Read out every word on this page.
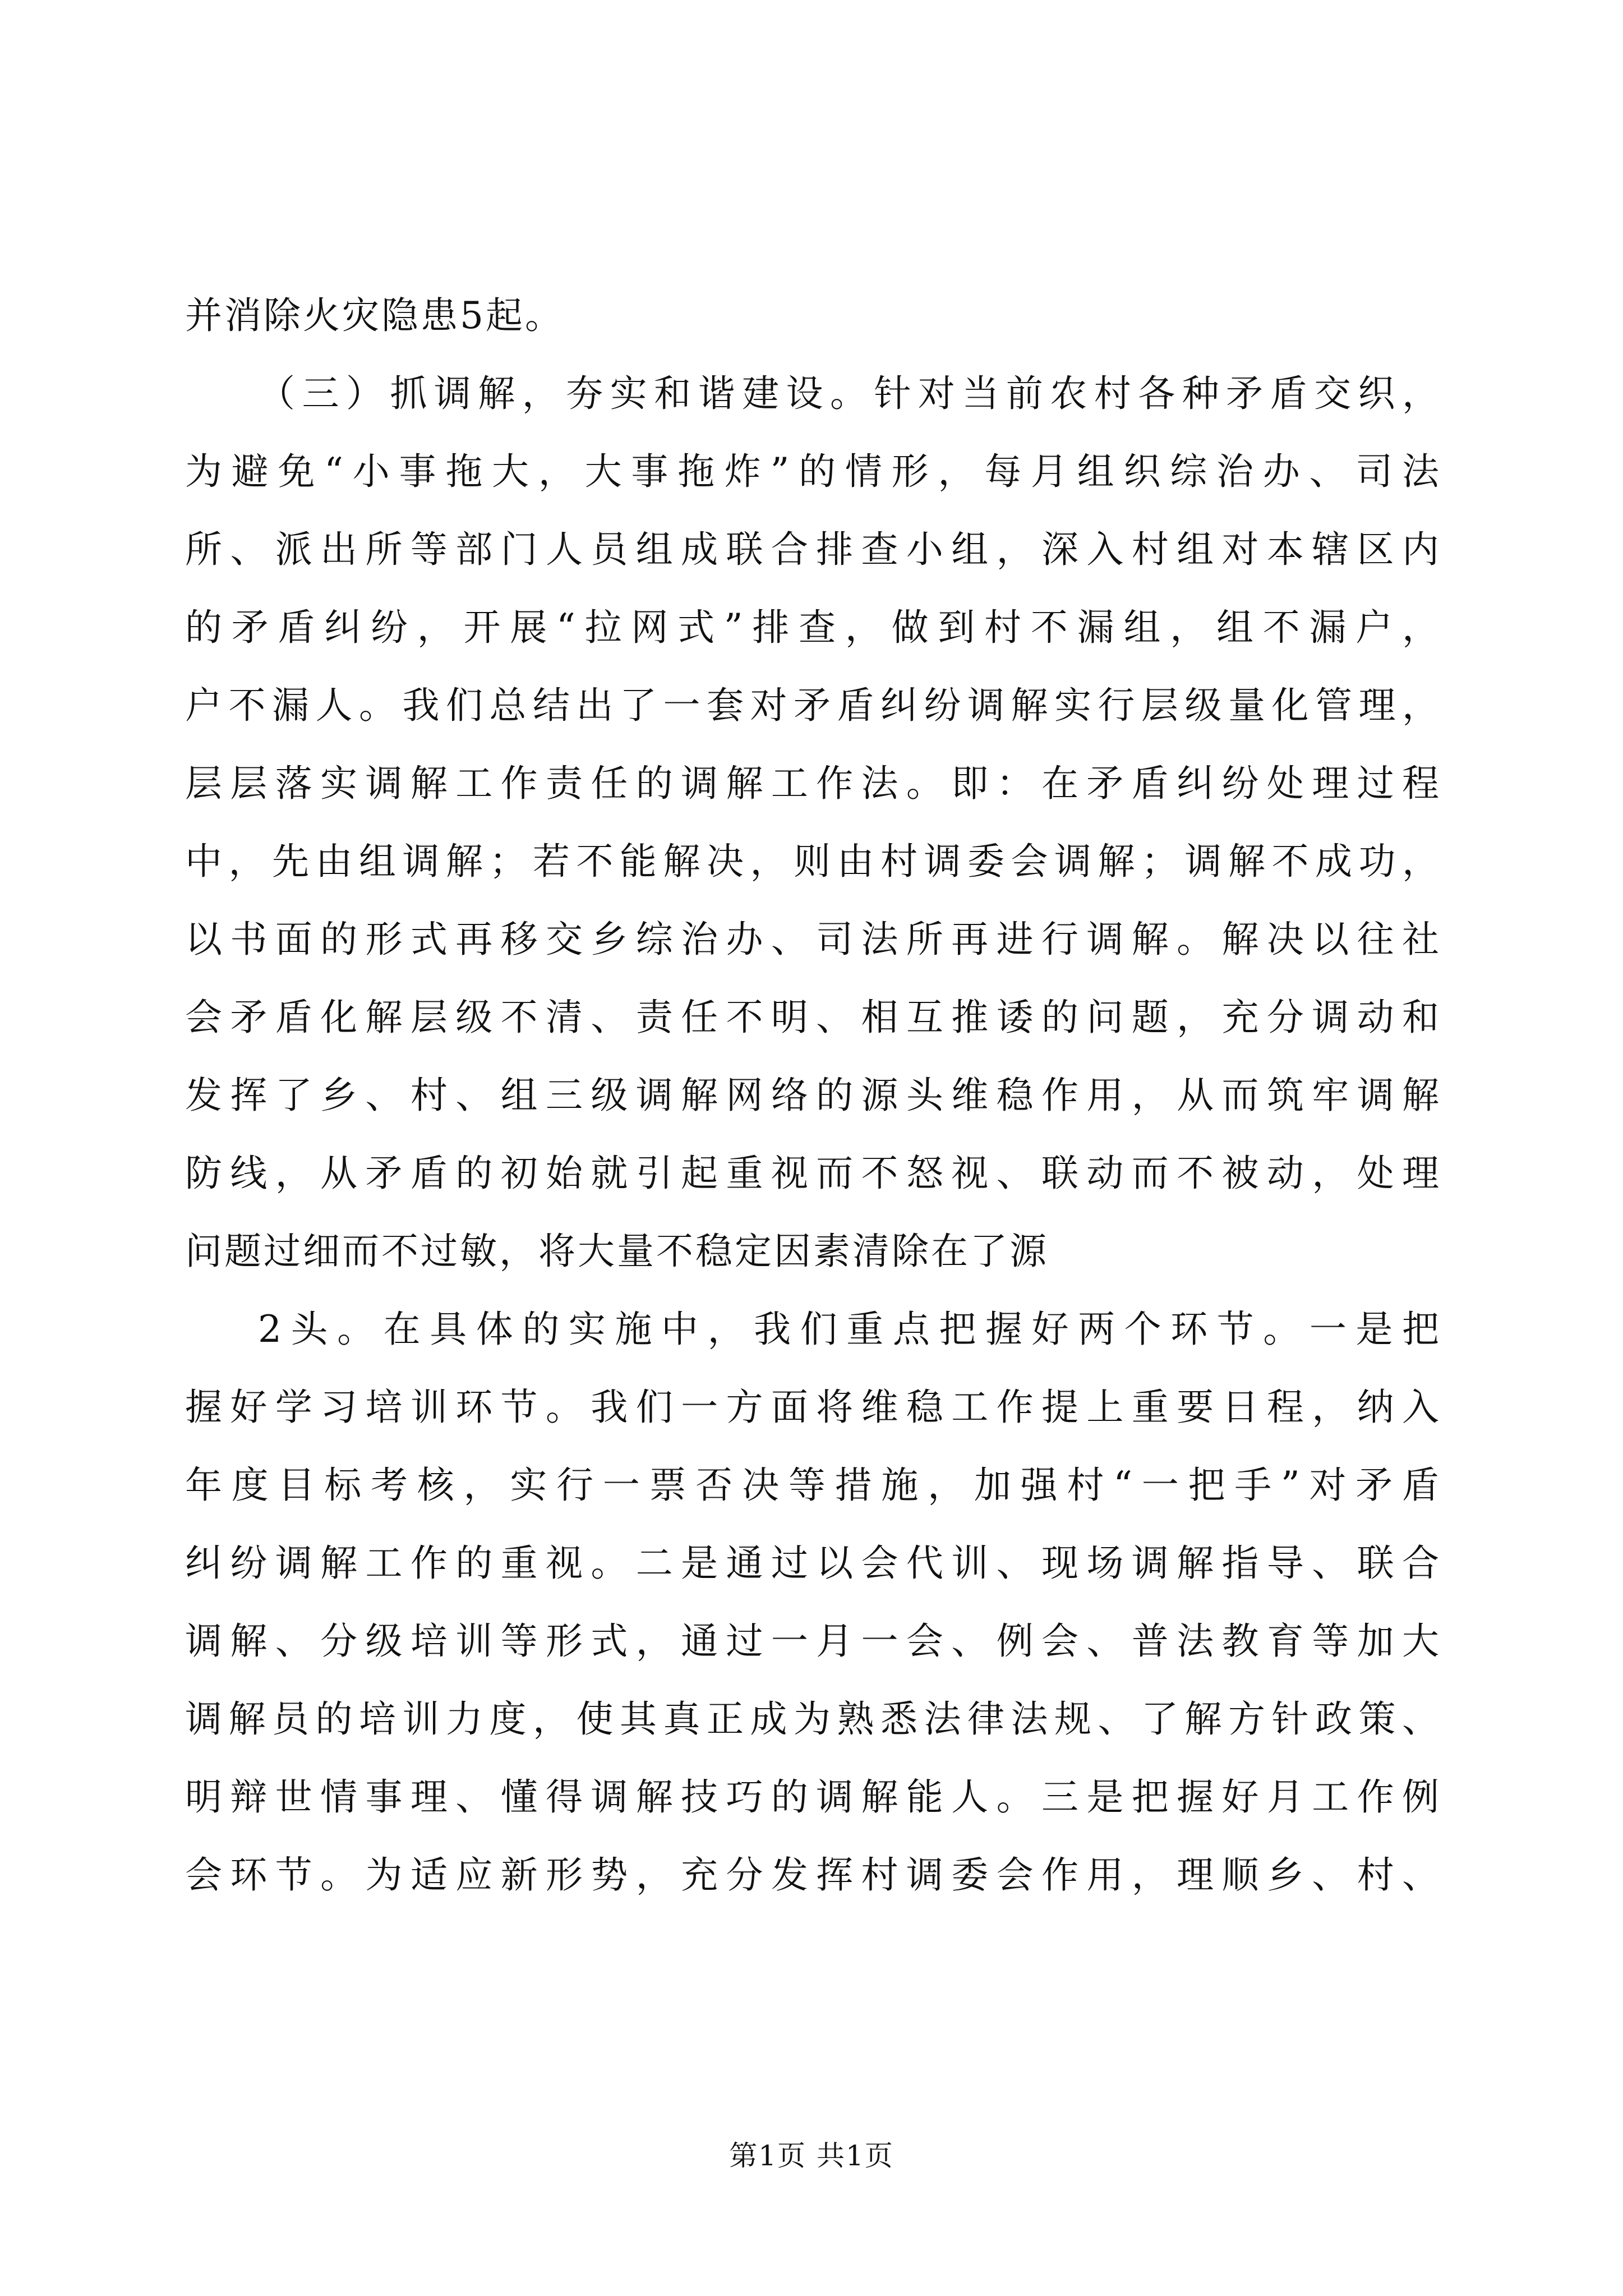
并消除火灾隐患5起。
（三）抓调解，夯实和谐建设。针对当前农村各种矛盾交织，
为避免“小事拖大，大事拖炸”的情形，每月组织综治办、司法
所、派出所等部门人员组成联合排查小组，深入村组对本辖区内
的矛盾纠纷，开展“拉网式”排查，做到村不漏组，组不漏户，
户不漏人。我们总结出了一套对矛盾纠纷调解实行层级量化管理，
层层落实调解工作责任的调解工作法。即：在矛盾纠纷处理过程
中，先由组调解；若不能解决，则由村调委会调解；调解不成功，
以书面的形式再移交乡综治办、司法所再进行调解。解决以往社
会矛盾化解层级不清、责任不明、相互推诿的问题，充分调动和
发挥了乡、村、组三级调解网络的源头维稳作用，从而筑牢调解
防线，从矛盾的初始就引起重视而不怒视、联动而不被动，处理
问题过细而不过敏，将大量不稳定因素清除在了源
2头。在具体的实施中，我们重点把握好两个环节。一是把
握好学习培训环节。我们一方面将维稳工作提上重要日程，纳入
年度目标考核，实行一票否决等措施，加强村“一把手”对矛盾
纠纷调解工作的重视。二是通过以会代训、现场调解指导、联合
调解、分级培训等形式，通过一月一会、例会、普法教育等加大
调解员的培训力度，使其真正成为熟悉法律法规、了解方针政策、
明辩世情事理、懂得调解技巧的调解能人。三是把握好月工作例
会环节。为适应新形势，充分发挥村调委会作用，理顺乡、村、
第1页 共1页
